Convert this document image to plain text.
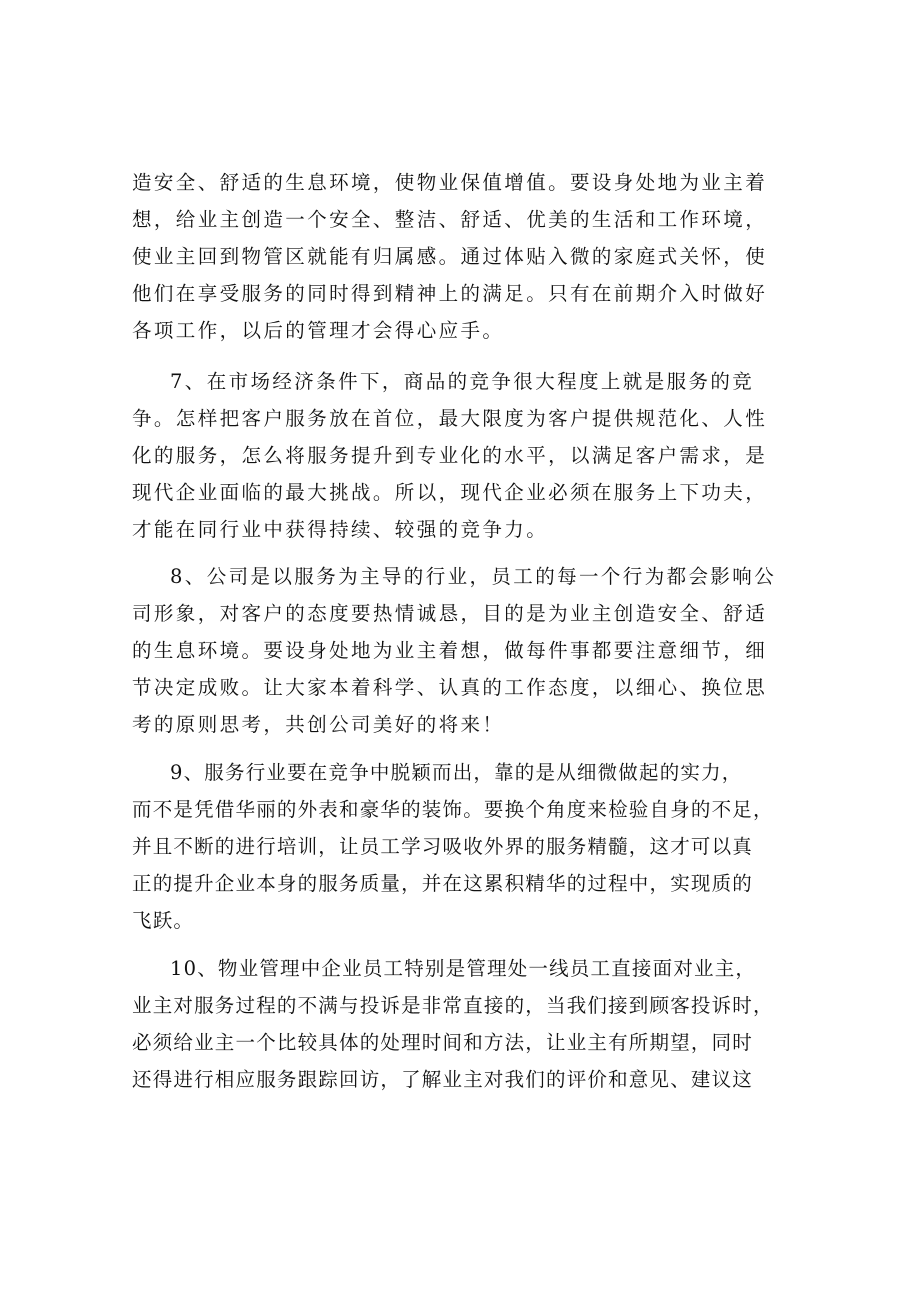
造安全、舒适的生息环境，使物业保值增值。要设身处地为业主着
想，给业主创造一个安全、整洁、舒适、优美的生活和工作环境，
使业主回到物管区就能有归属感。通过体贴入微的家庭式关怀，使
他们在享受服务的同时得到精神上的满足。只有在前期介入时做好
各项工作，以后的管理才会得心应手。
7、在市场经济条件下，商品的竞争很大程度上就是服务的竞
争。怎样把客户服务放在首位，最大限度为客户提供规范化、人性
化的服务，怎么将服务提升到专业化的水平，以满足客户需求，是
现代企业面临的最大挑战。所以，现代企业必须在服务上下功夫，
才能在同行业中获得持续、较强的竞争力。
8、公司是以服务为主导的行业，员工的每一个行为都会影响公
司形象，对客户的态度要热情诚恳，目的是为业主创造安全、舒适
的生息环境。要设身处地为业主着想，做每件事都要注意细节，细
节决定成败。让大家本着科学、认真的工作态度，以细心、换位思
考的原则思考，共创公司美好的将来！
9、服务行业要在竞争中脱颖而出，靠的是从细微做起的实力，
而不是凭借华丽的外表和豪华的装饰。要换个角度来检验自身的不足，
并且不断的进行培训，让员工学习吸收外界的服务精髓，这才可以真
正的提升企业本身的服务质量，并在这累积精华的过程中，实现质的
飞跃。
10、物业管理中企业员工特别是管理处一线员工直接面对业主，
业主对服务过程的不满与投诉是非常直接的，当我们接到顾客投诉时，
必须给业主一个比较具体的处理时间和方法，让业主有所期望，同时
还得进行相应服务跟踪回访，了解业主对我们的评价和意见、建议这
